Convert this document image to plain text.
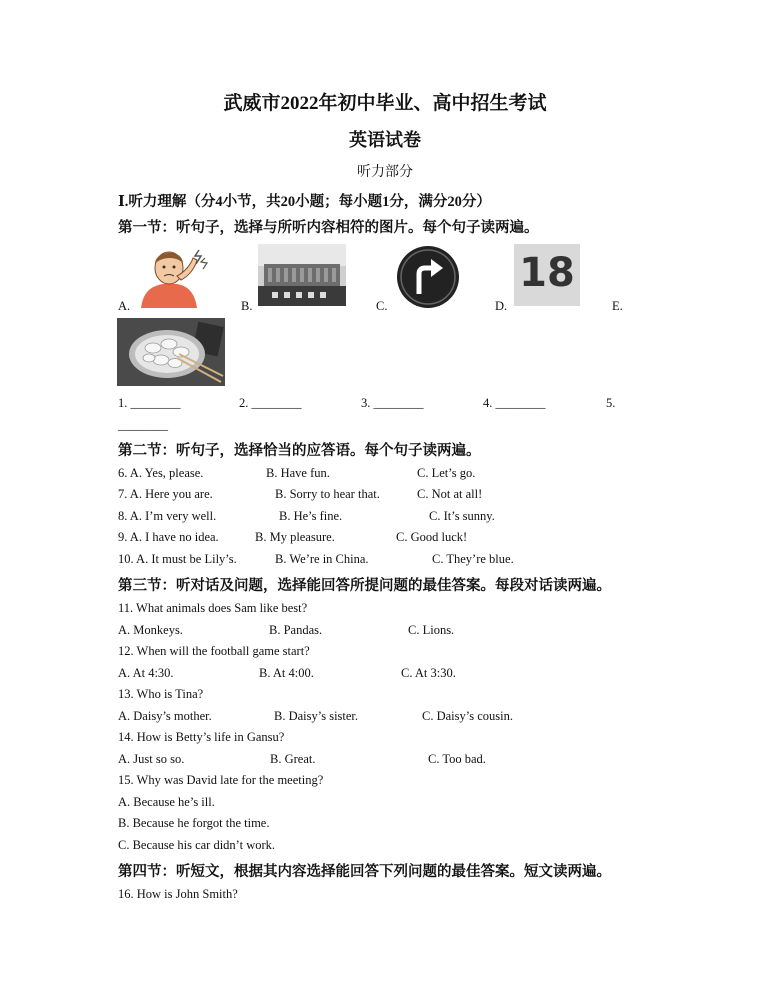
武威市2022年初中毕业、高中招生考试
英语试卷
听力部分
Ⅰ.听力理解（分4小节，共20小题；每小题1分，满分20分）
第一节：听句子，选择与所听内容相符的图片。每个句子读两遍。
A.	B.	C.
18
D.	E.
1. ________	2. ________	3. ________	4. ________	5.
________
第二节：听句子，选择恰当的应答语。每个句子读两遍。
6. A. Yes, please.	B. Have fun.	C. Let’s go.
7. A. Here you are.	B. Sorry to hear that.	C. Not at all!
8. A. I’m very well.	B. He’s fine.	C. It’s sunny.
9. A. I have no idea.	B. My pleasure.	C. Good luck!
10. A. It must be Lily’s.	B. We’re in China.	C. They’re blue.
第三节：听对话及问题，选择能回答所提问题的最佳答案。每段对话读两遍。
11. What animals does Sam like best?
A. Monkeys.	B. Pandas.	C. Lions.
12. When will the football game start?
A. At 4:30.	B. At 4:00.	C. At 3:30.
13. Who is Tina?
A. Daisy’s mother.	B. Daisy’s sister.	C. Daisy’s cousin.
14. How is Betty’s life in Gansu?
A. Just so so.	B. Great.	C. Too bad.
15. Why was David late for the meeting?
A. Because he’s ill.
B. Because he forgot the time.
C. Because his car didn’t work.
第四节：听短文，根据其内容选择能回答下列问题的最佳答案。短文读两遍。
16. How is John Smith?
